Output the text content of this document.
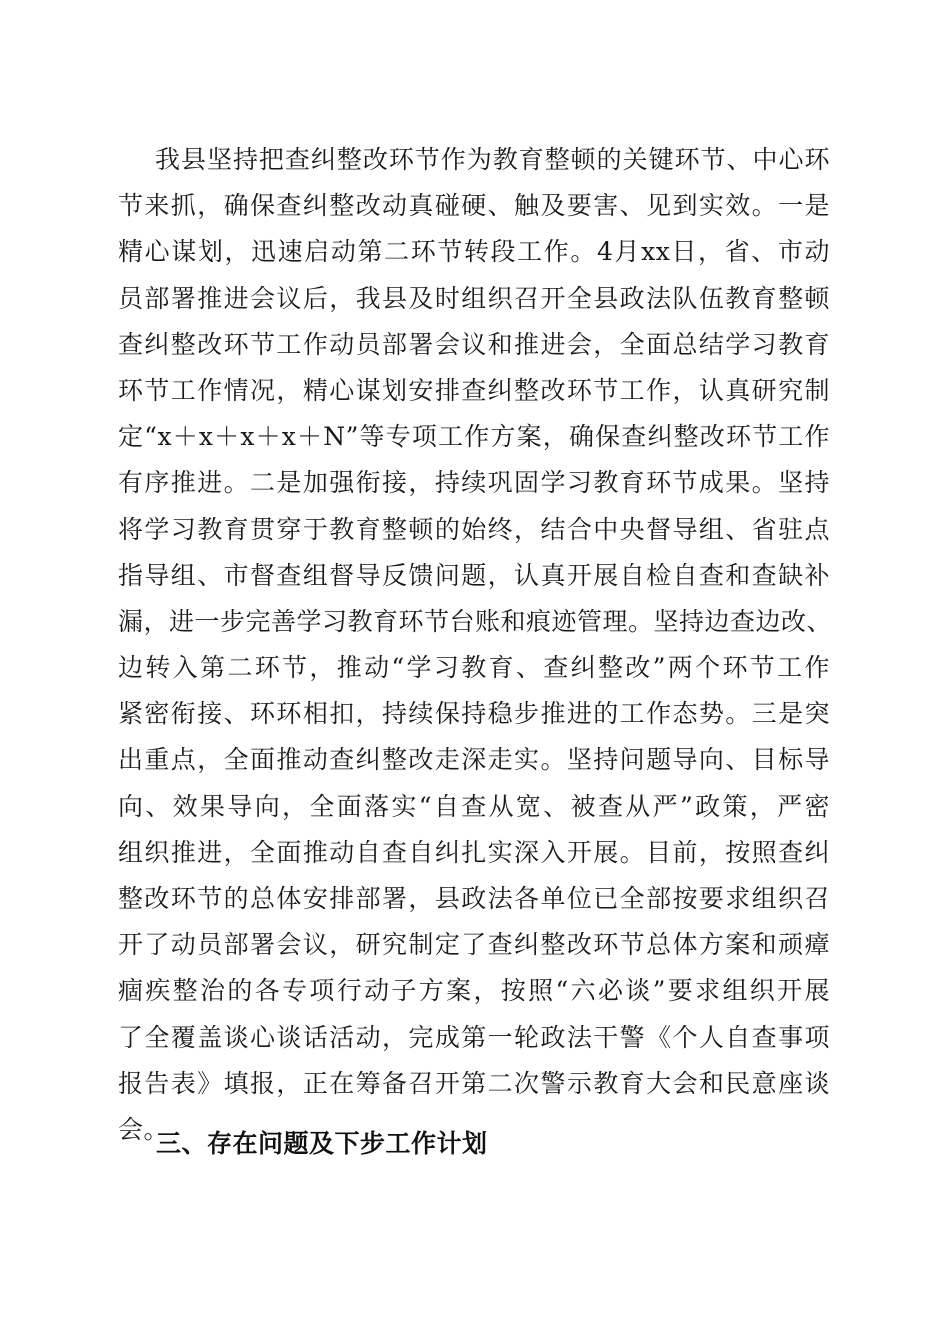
我县坚持把查纠整改环节作为教育整顿的关键环节、中心环
节来抓，确保查纠整改动真碰硬、触及要害、见到实效。一是
精心谋划，迅速启动第二环节转段工作。4月xx日，省、市动
员部署推进会议后，我县及时组织召开全县政法队伍教育整顿
查纠整改环节工作动员部署会议和推进会，全面总结学习教育
环节工作情况，精心谋划安排查纠整改环节工作，认真研究制
定“x＋x＋x＋x＋N”等专项工作方案，确保查纠整改环节工作
有序推进。二是加强衔接，持续巩固学习教育环节成果。坚持
将学习教育贯穿于教育整顿的始终，结合中央督导组、省驻点
指导组、市督查组督导反馈问题，认真开展自检自查和查缺补
漏，进一步完善学习教育环节台账和痕迹管理。坚持边查边改、
边转入第二环节，推动“学习教育、查纠整改”两个环节工作
紧密衔接、环环相扣，持续保持稳步推进的工作态势。三是突
出重点，全面推动查纠整改走深走实。坚持问题导向、目标导
向、效果导向，全面落实“自查从宽、被查从严”政策，严密
组织推进，全面推动自查自纠扎实深入开展。目前，按照查纠
整改环节的总体安排部署，县政法各单位已全部按要求组织召
开了动员部署会议，研究制定了查纠整改环节总体方案和顽瘴
痼疾整治的各专项行动子方案，按照“六必谈”要求组织开展
了全覆盖谈心谈话活动，完成第一轮政法干警《个人自查事项
报告表》填报，正在筹备召开第二次警示教育大会和民意座谈
会。
三、存在问题及下步工作计划
